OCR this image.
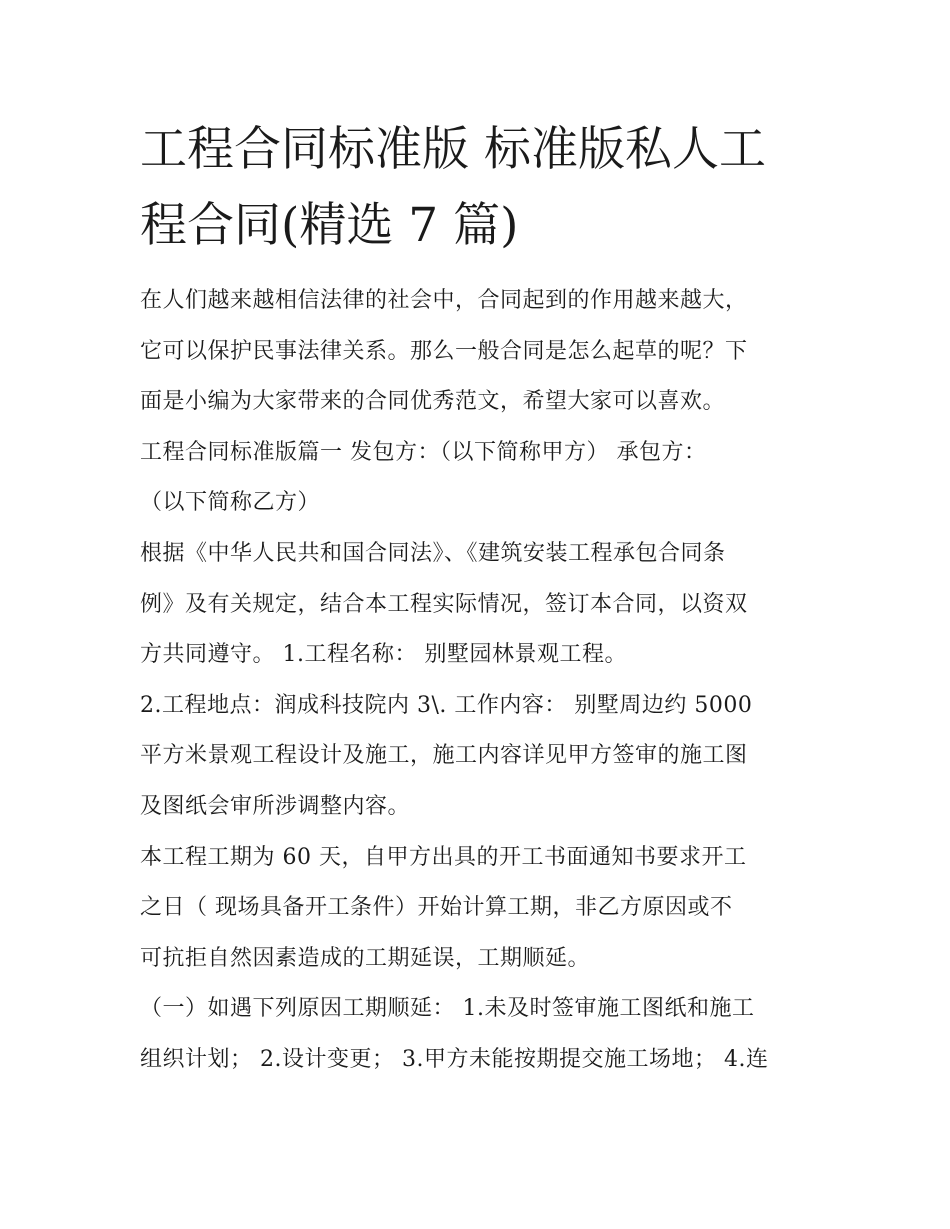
工程合同标准版 标准版私人工
程合同(精选 7 篇)
在人们越来越相信法律的社会中，合同起到的作用越来越大，
它可以保护民事法律关系。那么一般合同是怎么起草的呢？下
面是小编为大家带来的合同优秀范文，希望大家可以喜欢。
工程合同标准版篇一 发包方：（以下简称甲方） 承包方：
（以下简称乙方）
根据《中华人民共和国合同法》、《建筑安装工程承包合同条
例》及有关规定，结合本工程实际情况，签订本合同，以资双
方共同遵守。 1.工程名称： 别墅园林景观工程。
2.工程地点：润成科技院内 3\. 工作内容： 别墅周边约 5000
平方米景观工程设计及施工，施工内容详见甲方签审的施工图
及图纸会审所涉调整内容。
本工程工期为 60 天，自甲方出具的开工书面通知书要求开工
之日（ 现场具备开工条件）开始计算工期，非乙方原因或不
可抗拒自然因素造成的工期延误，工期顺延。
（一）如遇下列原因工期顺延： 1.未及时签审施工图纸和施工
组织计划； 2.设计变更； 3.甲方未能按期提交施工场地； 4.连
